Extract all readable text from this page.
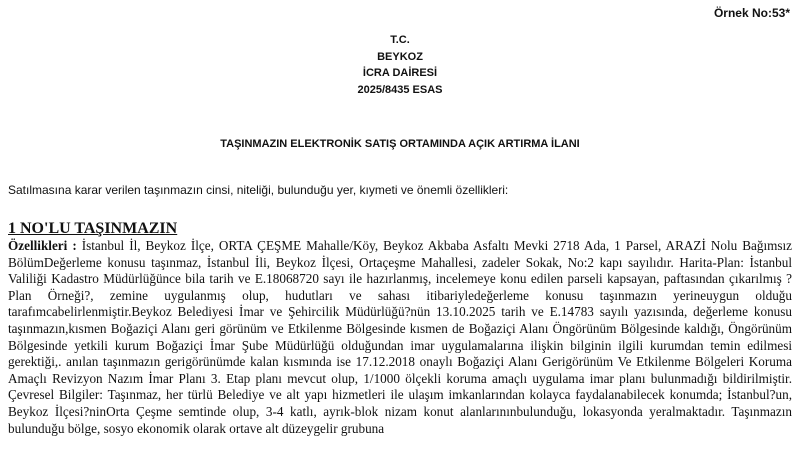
Örnek No:53*
T.C.
BEYKOZ
İCRA DAİRESİ
2025/8435 ESAS
TAŞINMAZIN ELEKTRONİK SATIŞ ORTAMINDA AÇIK ARTIRMA İLANI
Satılmasına karar verilen taşınmazın cinsi, niteliği, bulunduğu yer, kıymeti ve önemli özellikleri:
1 NO'LU TAŞINMAZIN
Özellikleri : İstanbul İl, Beykoz İlçe, ORTA ÇEŞME Mahalle/Köy, Beykoz Akbaba Asfaltı Mevki 2718 Ada, 1 Parsel, ARAZİ Nolu Bağımsız BölümDeğerleme konusu taşınmaz, İstanbul İli, Beykoz İlçesi, Ortaçeşme Mahallesi, zadeler Sokak, No:2 kapı sayılıdır. Harita-Plan: İstanbul Valiliği Kadastro Müdürlüğünce bila tarih ve E.18068720 sayı ile hazırlanmış, incelemeye konu edilen parseli kapsayan, paftasından çıkarılmış ?Plan Örneği?, zemine uygulanmış olup, hudutları ve sahası itibariyledeğerleme konusu taşınmazın yerineuygun olduğu tarafımcabelirlenmiştir.Beykoz Belediyesi İmar ve Şehircilik Müdürlüğü?nün 13.10.2025 tarih ve E.14783 sayılı yazısında, değerleme konusu taşınmazın,kısmen Boğaziçi Alanı geri görünüm ve Etkilenme Bölgesinde kısmen de Boğaziçi Alanı Öngörünüm Bölgesinde kaldığı, Öngörünüm Bölgesinde yetkili kurum Boğaziçi İmar Şube Müdürlüğü olduğundan imar uygulamalarına ilişkin bilginin ilgili kurumdan temin edilmesi gerektiği,. anılan taşınmazın gerigörünümde kalan kısmında ise 17.12.2018 onaylı Boğaziçi Alanı Gerigörünüm Ve Etkilenme Bölgeleri Koruma Amaçlı Revizyon Nazım İmar Planı 3. Etap planı mevcut olup, 1/1000 ölçekli koruma amaçlı uygulama imar planı bulunmadığı bildirilmiştir. Çevresel Bilgiler: Taşınmaz, her türlü Belediye ve alt yapı hizmetleri ile ulaşım imkanlarından kolayca faydalanabilecek konumda; İstanbul?un, Beykoz İlçesi?ninOrta Çeşme semtinde olup, 3-4 katlı, ayrık-blok nizam konut alanlarınınbulunduğu, lokasyonda yeralmaktadır. Taşınmazın bulunduğu bölge, sosyo ekonomik olarak ortave alt düzeygelir grubuna
